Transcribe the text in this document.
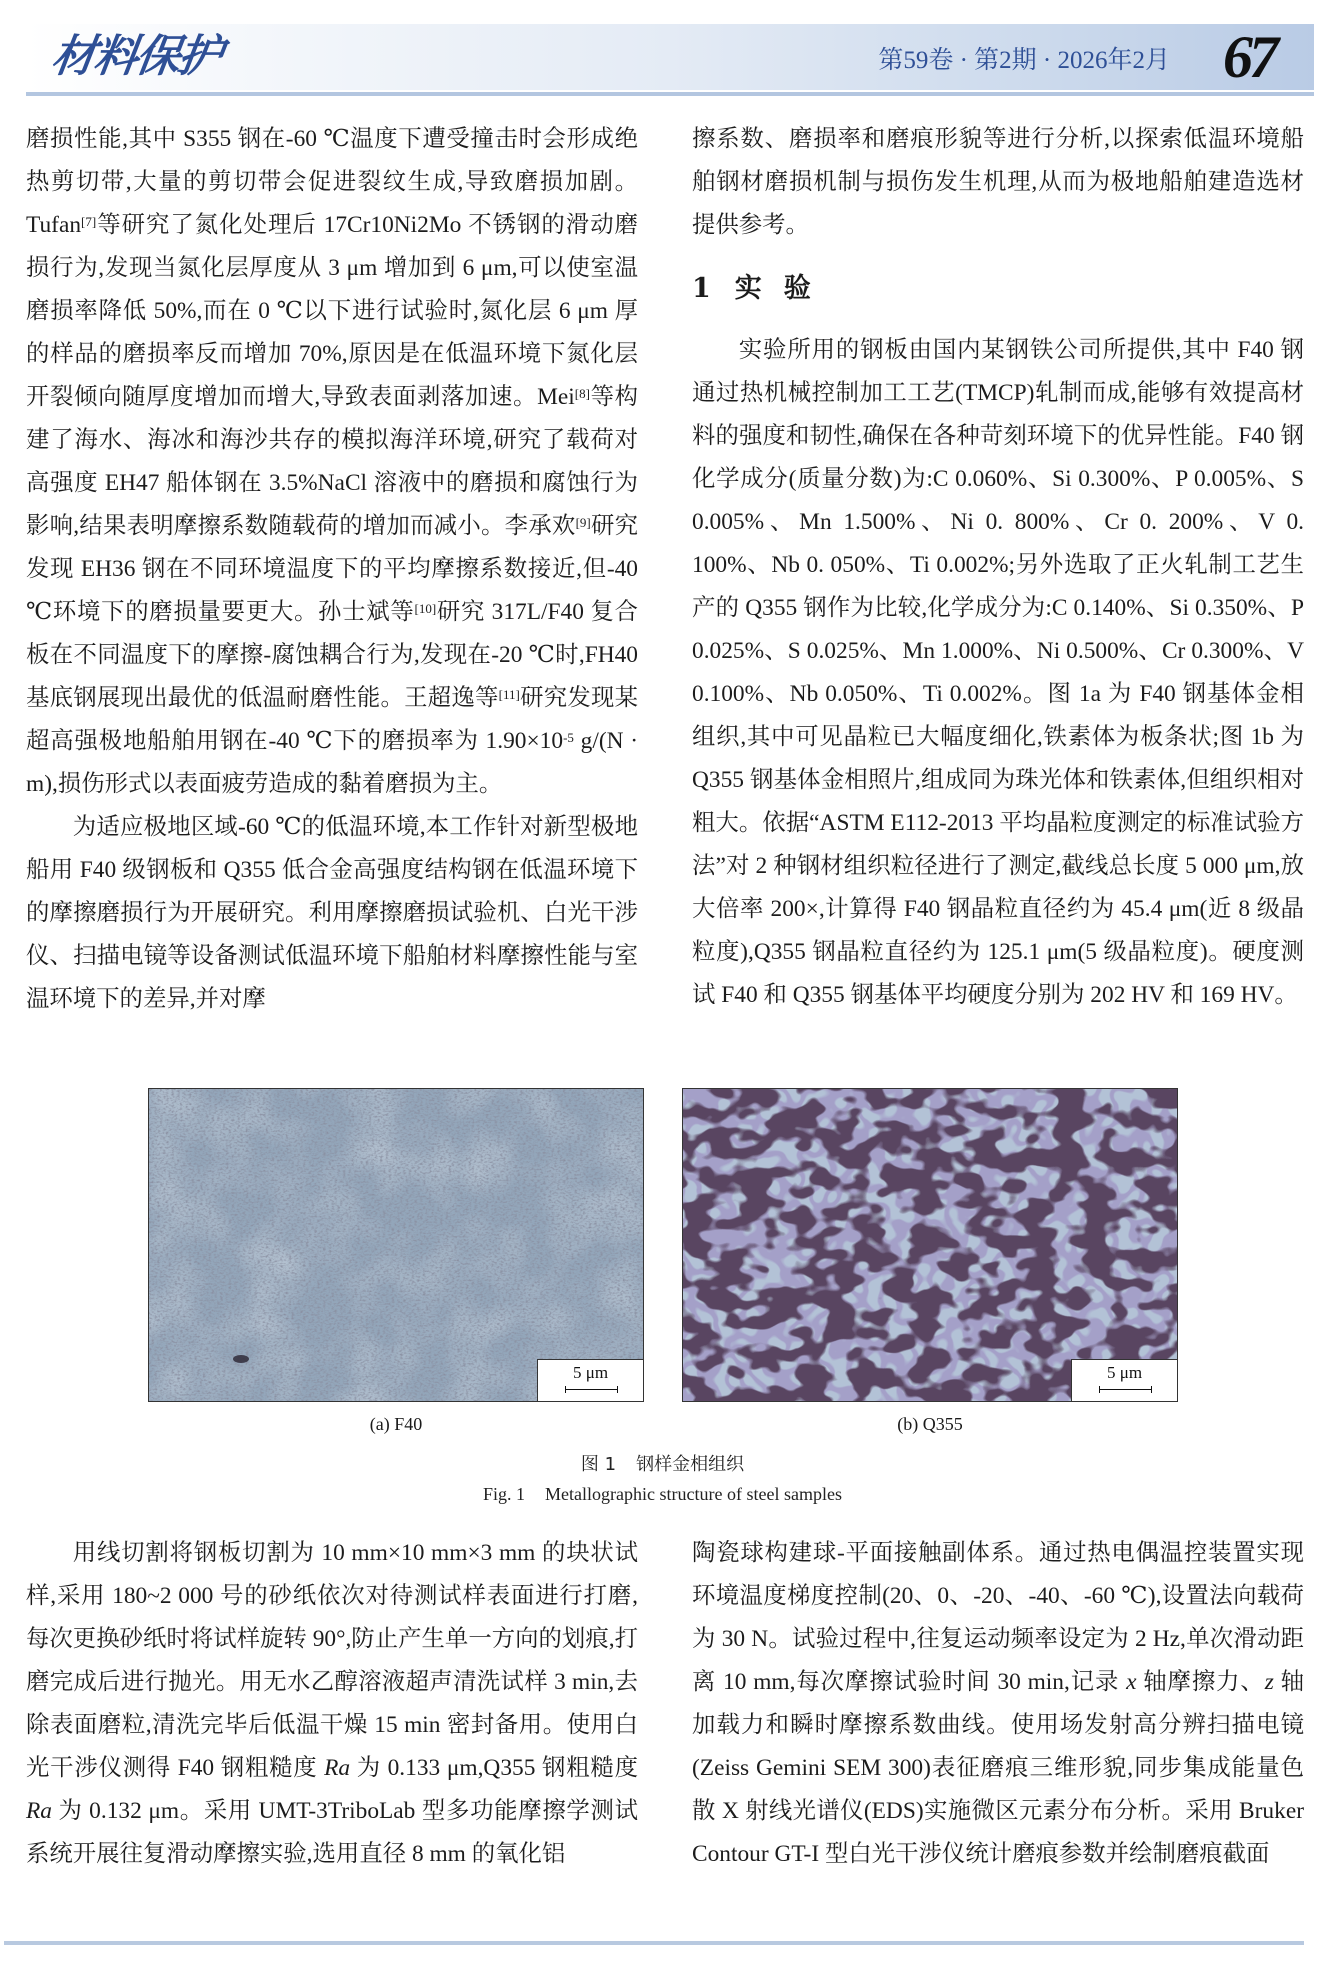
材料保护	第59卷 · 第2期 · 2026年2月 67

磨损性能,其中 S355 钢在-60 ℃温度下遭受撞击时会形成绝热剪切带,大量的剪切带会促进裂纹生成,导致磨损加剧。Tufan[7]等研究了氮化处理后 17Cr10Ni2Mo 不锈钢的滑动磨损行为,发现当氮化层厚度从 3 μm 增加到 6 μm,可以使室温磨损率降低 50%,而在 0 ℃以下进行试验时,氮化层 6 μm 厚的样品的磨损率反而增加 70%,原因是在低温环境下氮化层开裂倾向随厚度增加而增大,导致表面剥落加速。Mei[8]等构建了海水、海冰和海沙共存的模拟海洋环境,研究了载荷对高强度 EH47 船体钢在 3.5%NaCl 溶液中的磨损和腐蚀行为影响,结果表明摩擦系数随载荷的增加而减小。李承欢[9]研究发现 EH36 钢在不同环境温度下的平均摩擦系数接近,但-40 ℃环境下的磨损量要更大。孙士斌等[10]研究 317L/F40 复合板在不同温度下的摩擦-腐蚀耦合行为,发现在-20 ℃时,FH40 基底钢展现出最优的低温耐磨性能。王超逸等[11]研究发现某超高强极地船舶用钢在-40 ℃下的磨损率为 $1.90\times 10^{-5}$ g/(N · m),损伤形式以表面疲劳造成的黏着磨损为主。

为适应极地区域-60 ℃的低温环境,本工作针对新型极地船用 F40 级钢板和 Q355 低合金高强度结构钢在低温环境下的摩擦磨损行为开展研究。利用摩擦磨损试验机、白光干涉仪、扫描电镜等设备测试低温环境下船舶材料摩擦性能与室温环境下的差异,并对摩

擦系数、磨损率和磨痕形貌等进行分析,以探索低温环境船舶钢材磨损机制与损伤发生机理,从而为极地船舶建造选材提供参考。

1 实 验

实验所用的钢板由国内某钢铁公司所提供,其中 F40 钢通过热机械控制加工工艺(TMCP)轧制而成,能够有效提高材料的强度和韧性,确保在各种苛刻环境下的优异性能。F40 钢化学成分(质量分数)为:C 0.060%、Si 0.300%、P 0.005%、S 0.005%、Mn 1.500%、Ni 0. 800%、Cr 0. 200%、V 0. 100%、Nb 0. 050%、Ti 0.002%;另外选取了正火轧制工艺生产的 Q355 钢作为比较,化学成分为:C 0.140%、Si 0.350%、P 0.025%、S 0.025%、Mn 1.000%、Ni 0.500%、Cr 0.300%、V 0.100%、Nb 0.050%、Ti 0.002%。图 1a 为 F40 钢基体金相组织,其中可见晶粒已大幅度细化,铁素体为板条状;图 1b 为 Q355 钢基体金相照片,组成同为珠光体和铁素体,但组织相对粗大。依据“ASTM E112-2013 平均晶粒度测定的标准试验方法”对 2 种钢材组织粒径进行了测定,截线总长度 5 000 μm,放大倍率 200×,计算得 F40 钢晶粒直径约为 45.4 μm(近 8 级晶粒度),Q355 钢晶粒直径约为 125.1 μm(5 级晶粒度)。硬度测试 F40 和 Q355 钢基体平均硬度分别为 202 HV 和 169 HV。

5 μm	5 μm
(a) F40	(b) Q355
图 1 钢样金相组织
Fig. 1 Metallographic structure of steel samples

用线切割将钢板切割为 10 mm×10 mm×3 mm 的块状试样,采用 180~2 000 号的砂纸依次对待测试样表面进行打磨,每次更换砂纸时将试样旋转 90°,防止产生单一方向的划痕,打磨完成后进行抛光。用无水乙醇溶液超声清洗试样 3 min,去除表面磨粒,清洗完毕后低温干燥 15 min 密封备用。使用白光干涉仪测得 F40 钢粗糙度 Ra 为 0.133 μm,Q355 钢粗糙度 Ra 为 0.132 μm。采用 UMT-3TriboLab 型多功能摩擦学测试系统开展往复滑动摩擦实验,选用直径 8 mm 的氧化铝

陶瓷球构建球-平面接触副体系。通过热电偶温控装置实现环境温度梯度控制(20、0、-20、-40、-60 ℃),设置法向载荷为 30 N。试验过程中,往复运动频率设定为 2 Hz,单次滑动距离 10 mm,每次摩擦试验时间 30 min,记录 x 轴摩擦力、z 轴加载力和瞬时摩擦系数曲线。使用场发射高分辨扫描电镜(Zeiss Gemini SEM 300)表征磨痕三维形貌,同步集成能量色散 X 射线光谱仪(EDS)实施微区元素分布分析。采用 Bruker Contour GT-I 型白光干涉仪统计磨痕参数并绘制磨痕截面
